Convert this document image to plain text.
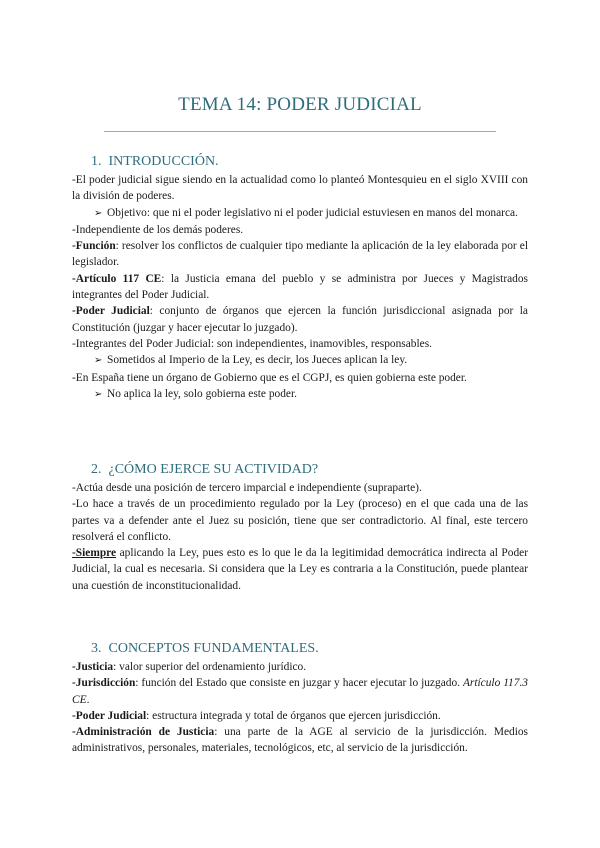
TEMA 14: PODER JUDICIAL
1. INTRODUCCIÓN.

-El poder judicial sigue siendo en la actualidad como lo planteó Montesquieu en el siglo XVIII con la división de poderes.

➢ Objetivo: que ni el poder legislativo ni el poder judicial estuviesen en manos del monarca.

-Independiente de los demás poderes.

-Función: resolver los conflictos de cualquier tipo mediante la aplicación de la ley elaborada por el legislador.

-Artículo 117 CE: la Justicia emana del pueblo y se administra por Jueces y Magistrados integrantes del Poder Judicial.

-Poder Judicial: conjunto de órganos que ejercen la función jurisdiccional asignada por la Constitución (juzgar y hacer ejecutar lo juzgado).

-Integrantes del Poder Judicial: son independientes, inamovibles, responsables.

➢ Sometidos al Imperio de la Ley, es decir, los Jueces aplican la ley.

-En España tiene un órgano de Gobierno que es el CGPJ, es quien gobierna este poder.

➢ No aplica la ley, solo gobierna este poder.
2. ¿CÓMO EJERCE SU ACTIVIDAD?

-Actúa desde una posición de tercero imparcial e independiente (supraparte).

-Lo hace a través de un procedimiento regulado por la Ley (proceso) en el que cada una de las partes va a defender ante el Juez su posición, tiene que ser contradictorio. Al final, este tercero resolverá el conflicto.

-Siempre aplicando la Ley, pues esto es lo que le da la legitimidad democrática indirecta al Poder Judicial, la cual es necesaria. Si considera que la Ley es contraria a la Constitución, puede plantear una cuestión de inconstitucionalidad.

3. CONCEPTOS FUNDAMENTALES.

-Justicia: valor superior del ordenamiento jurídico.

-Jurisdicción: función del Estado que consiste en juzgar y hacer ejecutar lo juzgado. Artículo 117.3 CE.

-Poder Judicial: estructura integrada y total de órganos que ejercen jurisdicción.

-Administración de Justicia: una parte de la AGE al servicio de la jurisdicción. Medios administrativos, personales, materiales, tecnológicos, etc, al servicio de la jurisdicción.
